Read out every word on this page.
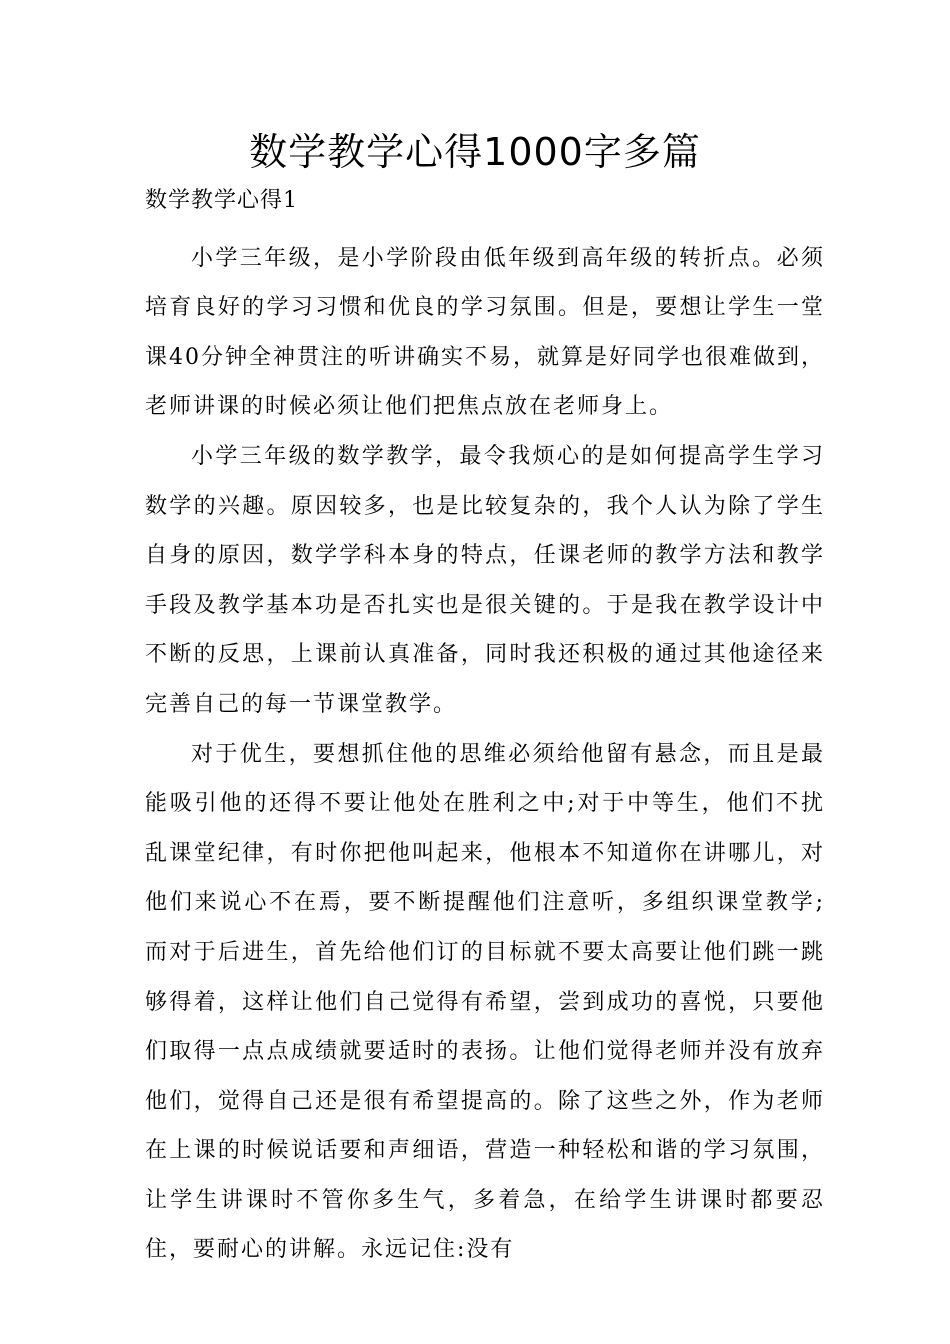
数学教学心得1000字多篇
数学教学心得1

小学三年级，是小学阶段由低年级到高年级的转折点。必须培育良好的学习习惯和优良的学习氛围。但是，要想让学生一堂课40分钟全神贯注的听讲确实不易，就算是好同学也很难做到，老师讲课的时候必须让他们把焦点放在老师身上。

小学三年级的数学教学，最令我烦心的是如何提高学生学习数学的兴趣。原因较多，也是比较复杂的，我个人认为除了学生自身的原因，数学学科本身的特点，任课老师的教学方法和教学手段及教学基本功是否扎实也是很关键的。于是我在教学设计中不断的反思，上课前认真准备，同时我还积极的通过其他途径来完善自己的每一节课堂教学。

对于优生，要想抓住他的思维必须给他留有悬念，而且是最能吸引他的还得不要让他处在胜利之中;对于中等生，他们不扰乱课堂纪律，有时你把他叫起来，他根本不知道你在讲哪儿，对他们来说心不在焉，要不断提醒他们注意听，多组织课堂教学;而对于后进生，首先给他们订的目标就不要太高要让他们跳一跳够得着，这样让他们自己觉得有希望，尝到成功的喜悦，只要他们取得一点点成绩就要适时的表扬。让他们觉得老师并没有放弃他们，觉得自己还是很有希望提高的。除了这些之外，作为老师在上课的时候说话要和声细语，营造一种轻松和谐的学习氛围，让学生讲课时不管你多生气，多着急，在给学生讲课时都要忍住，要耐心的讲解。永远记住:没有
